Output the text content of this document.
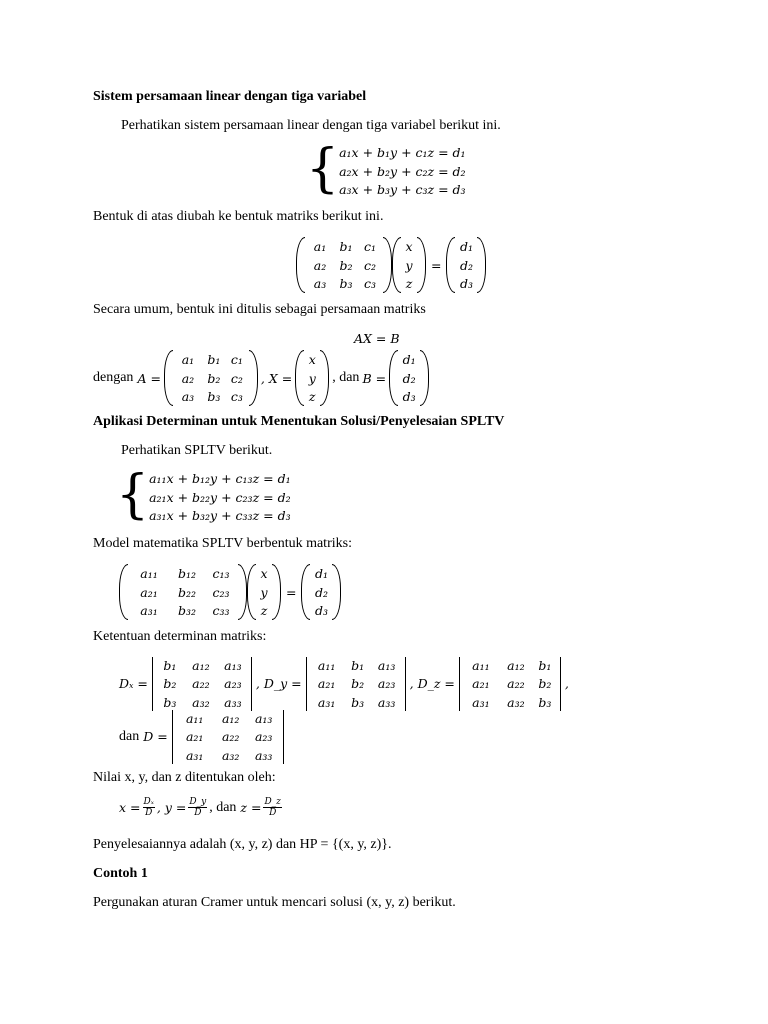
Sistem persamaan linear dengan tiga variabel
Perhatikan sistem persamaan linear dengan tiga variabel berikut ini.
{ a₁x + b₁y + c₁z = d₁
a₂x + b₂y + c₂z = d₂
a₃x + b₃y + c₃z = d₃
Bentuk di atas diubah ke bentuk matriks berikut ini.
a₁ b₁ c₁
a₂ b₂ c₂
a₃ b₃ c₃
x
y
z
=
d₁
d₂
d₃
Secara umum, bentuk ini ditulis sebagai persamaan matriks
AX = B
dengan A =
a₁ b₁ c₁
a₂ b₂ c₂
a₃ b₃ c₃
, X =
x
y
z
, dan B =
d₁
d₂
d₃
Aplikasi Determinan untuk Menentukan Solusi/Penyelesaian SPLTV
Perhatikan SPLTV berikut.
{ a₁₁x + b₁₂y + c₁₃z = d₁
a₂₁x + b₂₂y + c₂₃z = d₂
a₃₁x + b₃₂y + c₃₃z = d₃
Model matematika SPLTV berbentuk matriks:
a₁₁ b₁₂ c₁₃
a₂₁ b₂₂ c₂₃
a₃₁ b₃₂ c₃₃
x
y
z
=
d₁
d₂
d₃
Ketentuan determinan matriks:
Dₓ =
b₁ a₁₂ a₁₃
b₂ a₂₂ a₂₃
b₃ a₃₂ a₃₃
, D_y =
a₁₁ b₁ a₁₃
a₂₁ b₂ a₂₃
a₃₁ b₃ a₃₃
, D_z =
a₁₁ a₁₂ b₁
a₂₁ a₂₂ b₂
a₃₁ a₃₂ b₃
,
dan D =
a₁₁ a₁₂ a₁₃
a₂₁ a₂₂ a₂₃
a₃₁ a₃₂ a₃₃
Nilai x, y, dan z ditentukan oleh:
$x = \frac{\text{Dₓ}}{D}$ , $y = \frac{D\_y}{D}$ , dan $z = \frac{D\_z}{D}$
Penyelesaiannya adalah (x, y, z) dan HP = {(x, y, z)}.
Contoh 1
Pergunakan aturan Cramer untuk mencari solusi (x, y, z) berikut.
